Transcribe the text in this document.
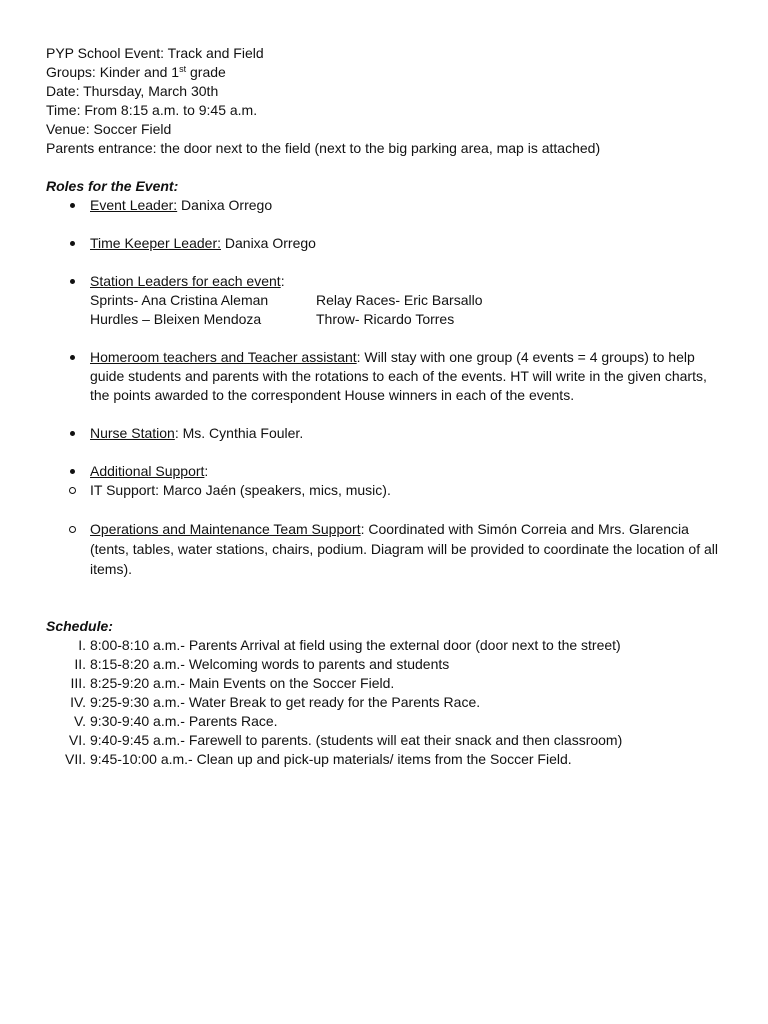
PYP School Event: Track and Field
Groups: Kinder and 1st grade
Date: Thursday, March 30th
Time: From 8:15 a.m. to 9:45 a.m.
Venue: Soccer Field
Parents entrance: the door next to the field (next to the big parking area, map is attached)
Roles for the Event:
Event Leader: Danixa Orrego
Time Keeper Leader: Danixa Orrego
Station Leaders for each event:
Sprints- Ana Cristina Aleman	Relay Races- Eric Barsallo
Hurdles – Bleixen Mendoza	Throw- Ricardo Torres
Homeroom teachers and Teacher assistant: Will stay with one group (4 events = 4 groups) to help guide students and parents with the rotations to each of the events. HT will write in the given charts, the points awarded to the correspondent House winners in each of the events.
Nurse Station: Ms. Cynthia Fouler.
Additional Support:
IT Support: Marco Jaén (speakers, mics, music).
Operations and Maintenance Team Support: Coordinated with Simón Correia and Mrs. Glarencia (tents, tables, water stations, chairs, podium. Diagram will be provided to coordinate the location of all items).
Schedule:
I. 8:00-8:10 a.m.- Parents Arrival at field using the external door (door next to the street)
II. 8:15-8:20 a.m.- Welcoming words to parents and students
III. 8:25-9:20 a.m.- Main Events on the Soccer Field.
IV. 9:25-9:30 a.m.- Water Break to get ready for the Parents Race.
V. 9:30-9:40 a.m.- Parents Race.
VI. 9:40-9:45 a.m.- Farewell to parents. (students will eat their snack and then classroom)
VII. 9:45-10:00 a.m.- Clean up and pick-up materials/ items from the Soccer Field.
